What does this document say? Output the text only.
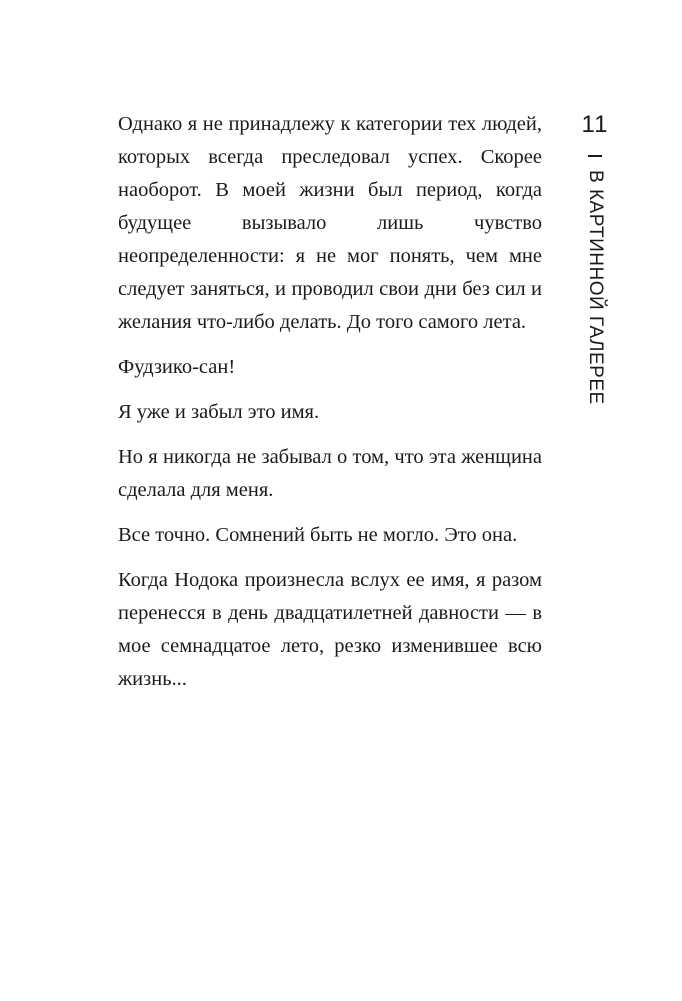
Однако я не принадлежу к категории тех людей, которых всегда преследовал успех. Скорее наоборот. В моей жизни был период, когда будущее вызывало лишь чувство неопределенности: я не мог понять, чем мне следует заняться, и проводил свои дни без сил и желания что-либо делать. До того самого лета.

Фудзико-сан!

Я уже и забыл это имя.

Но я никогда не забывал о том, что эта женщина сделала для меня.

Все точно. Сомнений быть не могло. Это она.

Когда Нодока произнесла вслух ее имя, я разом перенесся в день двадцатилетней давности — в мое семнадцатое лето, резко изменившее всю жизнь...

11
В КАРТИННОЙ ГАЛЕРЕЕ
